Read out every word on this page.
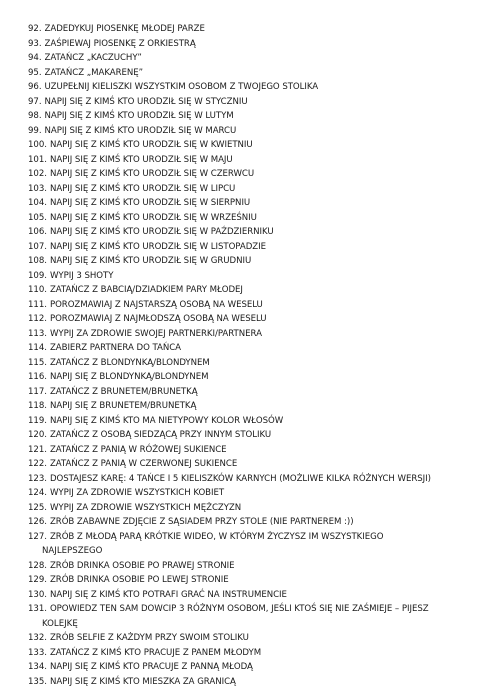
92. ZADEDYKUJ PIOSENKĘ MŁODEJ PARZE
93. ZAŚPIEWAJ PIOSENKĘ Z ORKIESTRĄ
94. ZATAŃCZ „KACZUCHY”
95. ZATAŃCZ „MAKARENĘ”
96. UZUPEŁNIJ KIELISZKI WSZYSTKIM OSOBOM Z TWOJEGO STOLIKA
97. NAPIJ SIĘ Z KIMŚ KTO URODZIŁ SIĘ W STYCZNIU
98. NAPIJ SIĘ Z KIMŚ KTO URODZIŁ SIĘ W LUTYM
99. NAPIJ SIĘ Z KIMŚ KTO URODZIŁ SIĘ W MARCU
100. NAPIJ SIĘ Z KIMŚ KTO URODZIŁ SIĘ W KWIETNIU
101. NAPIJ SIĘ Z KIMŚ KTO URODZIŁ SIĘ W MAJU
102. NAPIJ SIĘ Z KIMŚ KTO URODZIŁ SIĘ W CZERWCU
103. NAPIJ SIĘ Z KIMŚ KTO URODZIŁ SIĘ W LIPCU
104. NAPIJ SIĘ Z KIMŚ KTO URODZIŁ SIĘ W SIERPNIU
105. NAPIJ SIĘ Z KIMŚ KTO URODZIŁ SIĘ W WRZEŚNIU
106. NAPIJ SIĘ Z KIMŚ KTO URODZIŁ SIĘ W PAŹDZIERNIKU
107. NAPIJ SIĘ Z KIMŚ KTO URODZIŁ SIĘ W LISTOPADZIE
108. NAPIJ SIĘ Z KIMŚ KTO URODZIŁ SIĘ W GRUDNIU
109. WYPIJ 3 SHOTY
110. ZATAŃCZ Z BABCIĄ/DZIADKIEM PARY MŁODEJ
111. POROZMAWIAJ Z NAJSTARSZĄ OSOBĄ NA WESELU
112. POROZMAWIAJ Z NAJMŁODSZĄ OSOBĄ NA WESELU
113. WYPIJ ZA ZDROWIE SWOJEJ PARTNERKI/PARTNERA
114. ZABIERZ PARTNERA DO TAŃCA
115. ZATAŃCZ Z BLONDYNKĄ/BLONDYNEM
116. NAPIJ SIĘ Z BLONDYNKĄ/BLONDYNEM
117. ZATAŃCZ Z BRUNETEM/BRUNETKĄ
118. NAPIJ SIĘ Z BRUNETEM/BRUNETKĄ
119. NAPIJ SIĘ Z KIMŚ KTO MA NIETYPOWY KOLOR WŁOSÓW
120. ZATAŃCZ Z OSOBĄ SIEDZĄCĄ PRZY INNYM STOLIKU
121. ZATAŃCZ Z PANIĄ W RÓŻOWEJ SUKIENCE
122. ZATAŃCZ Z PANIĄ W CZERWONEJ SUKIENCE
123. DOSTAJESZ KARĘ: 4 TAŃCE I 5 KIELISZKÓW KARNYCH (MOŻLIWE KILKA RÓŻNYCH WERSJI)
124. WYPIJ ZA ZDROWIE WSZYSTKICH KOBIET
125. WYPIJ ZA ZDROWIE WSZYSTKICH MĘŻCZYZN
126. ZRÓB ZABAWNE ZDJĘCIE Z SĄSIADEM PRZY STOLE (NIE PARTNEREM :))
127. ZRÓB Z MŁODĄ PARĄ KRÓTKIE WIDEO, W KTÓRYM ŻYCZYSZ IM WSZYSTKIEGO
NAJLEPSZEGO
128. ZRÓB DRINKA OSOBIE PO PRAWEJ STRONIE
129. ZRÓB DRINKA OSOBIE PO LEWEJ STRONIE
130. NAPIJ SIĘ Z KIMŚ KTO POTRAFI GRAĆ NA INSTRUMENCIE
131. OPOWIEDZ TEN SAM DOWCIP 3 RÓŻNYM OSOBOM, JEŚLI KTOŚ SIĘ NIE ZAŚMIEJE – PIJESZ
KOLEJKĘ
132. ZRÓB SELFIE Z KAŻDYM PRZY SWOIM STOLIKU
133. ZATAŃCZ Z KIMŚ KTO PRACUJE Z PANEM MŁODYM
134. NAPIJ SIĘ Z KIMŚ KTO PRACUJE Z PANNĄ MŁODĄ
135. NAPIJ SIĘ Z KIMŚ KTO MIESZKA ZA GRANICĄ
